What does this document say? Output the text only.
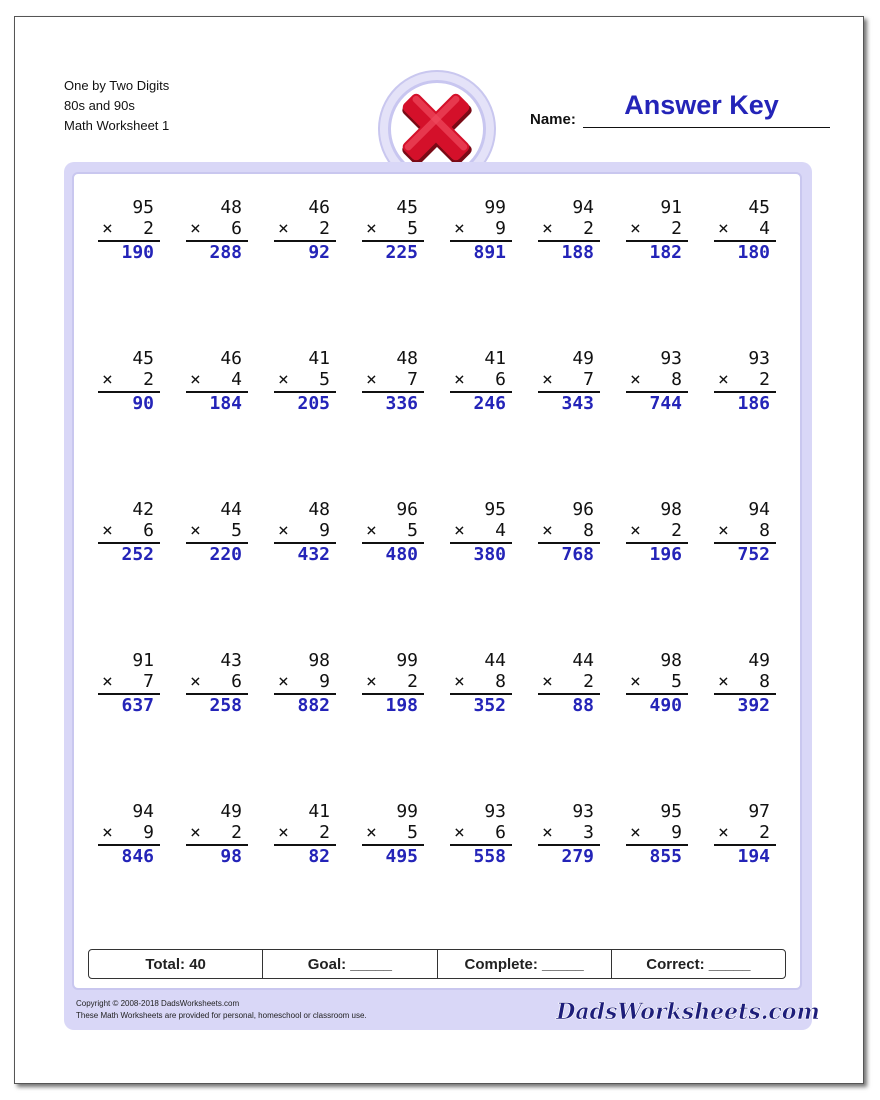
One by Two Digits
80s and 90s
Math Worksheet 1	Name:	Answer Key
95
× 2
190
48
× 6
288
46
× 2
92
45
× 5
225
99
× 9
891
94
× 2
188
91
× 2
182
45
× 4
180
45
× 2
90
46
× 4
184
41
× 5
205
48
× 7
336
41
× 6
246
49
× 7
343
93
× 8
744
93
× 2
186
42
× 6
252
44
× 5
220
48
× 9
432
96
× 5
480
95
× 4
380
96
× 8
768
98
× 2
196
94
× 8
752
91
× 7
637
43
× 6
258
98
× 9
882
99
× 2
198
44
× 8
352
44
× 2
88
98
× 5
490
49
× 8
392
94
× 9
846
49
× 2
98
41
× 2
82
99
× 5
495
93
× 6
558
93
× 3
279
95
× 9
855
97
× 2
194
Total: 40	Goal: _____	Complete: _____	Correct: _____
Copyright © 2008-2018 DadsWorksheets.com
These Math Worksheets are provided for personal, homeschool or classroom use.	DadsWorksheets.com
